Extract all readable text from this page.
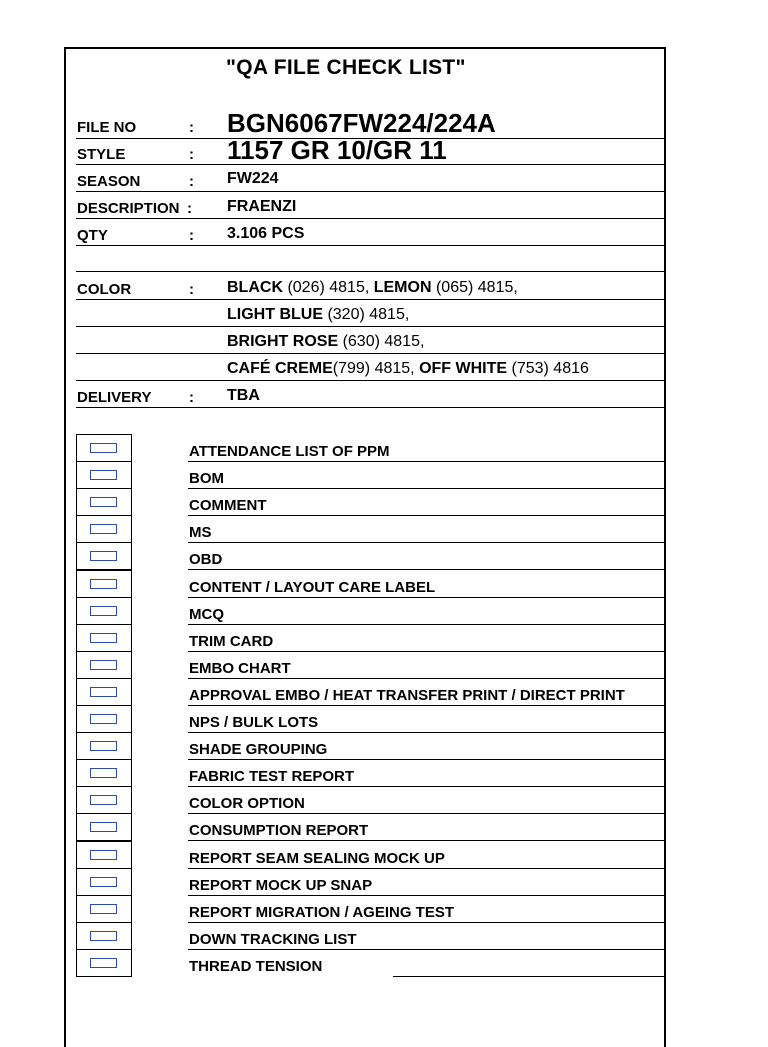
"QA FILE CHECK LIST"
FILE NO	: BGN6067FW224/224A
STYLE	: 1157 GR 10/GR 11
SEASON	: FW224
DESCRIPTION : FRAENZI
QTY	: 3.106 PCS
COLOR	: BLACK (026) 4815, LEMON (065) 4815,
LIGHT BLUE (320) 4815,
BRIGHT ROSE (630) 4815,
CAFÉ CREME(799) 4815, OFF WHITE (753) 4816
DELIVERY	: TBA
ATTENDANCE LIST OF PPM
BOM
COMMENT
MS
OBD
CONTENT / LAYOUT CARE LABEL
MCQ
TRIM CARD
EMBO CHART
APPROVAL EMBO / HEAT TRANSFER PRINT / DIRECT PRINT
NPS / BULK LOTS
SHADE GROUPING
FABRIC TEST REPORT
COLOR OPTION
CONSUMPTION REPORT
REPORT SEAM SEALING MOCK UP
REPORT MOCK UP SNAP
REPORT MIGRATION / AGEING TEST
DOWN TRACKING LIST
THREAD TENSION
